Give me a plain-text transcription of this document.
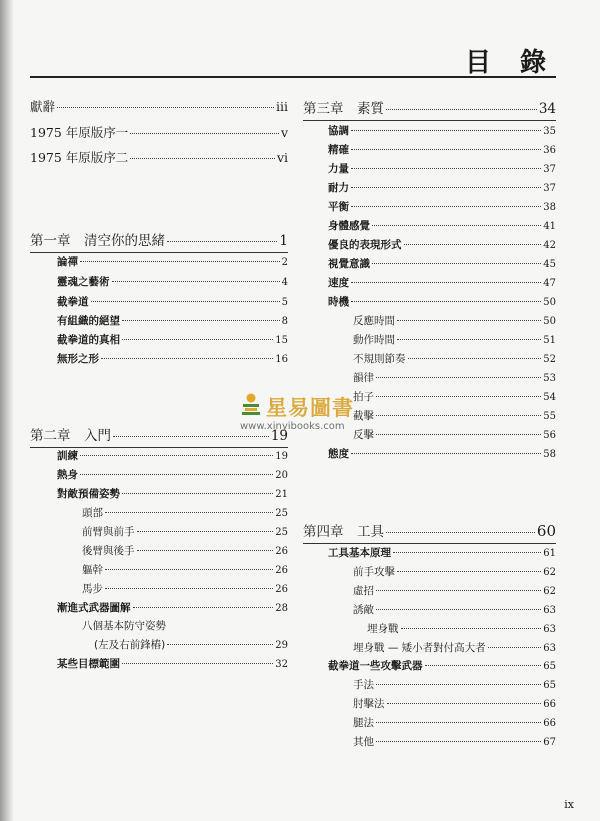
目 錄
獻辭	iii
1975 年原版序一	v
1975 年原版序二	vi
第一章　清空你的思緒	1
論禪	2
靈魂之藝術	4
截拳道	5
有組織的絕望	8
截拳道的真相	15
無形之形	16
第二章　入門	19
訓練	19
熱身	20
對敵預備姿勢	21
頭部	25
前臂與前手	25
後臂與後手	26
軀幹	26
馬步	26
漸進式武器圖解	28
八個基本防守姿勢
(左及右前鋒樁)	29
某些目標範圍	32
第三章　素質	34
協調	35
精確	36
力量	37
耐力	37
平衡	38
身體感覺	41
優良的表現形式	42
視覺意識	45
速度	47
時機	50
反應時間	50
動作時間	51
不規則節奏	52
韻律	53
拍子	54
截擊	55
反擊	56
態度	58
第四章　工具	60
工具基本原理	61
前手攻擊	62
虛招	62
誘敵	63
埋身戰	63
埋身戰 — 矮小者對付高大者	63
截拳道一些攻擊武器	65
手法	65
肘擊法	66
腿法	66
其他	67
星易圖書
www.xinyibooks.com
ix
